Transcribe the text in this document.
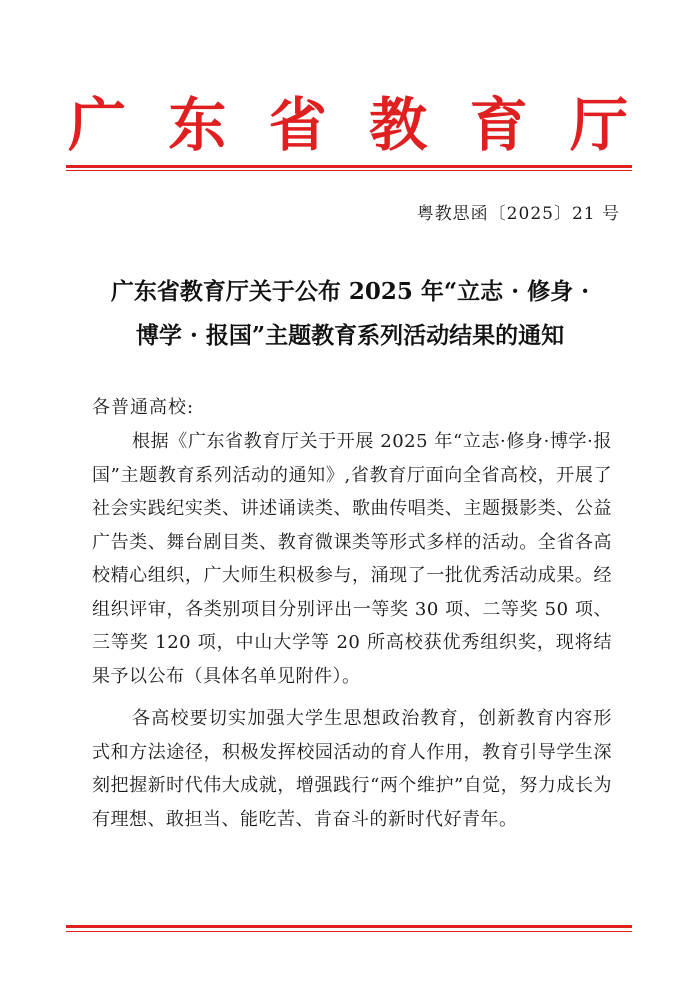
广 东 省 教 育 厅
粤教思函〔2025〕21 号
广东省教育厅关于公布 2025 年“立志 · 修身 ·
博学 · 报国”主题教育系列活动结果的通知
各普通高校:

根据《广东省教育厅关于开展 2025 年“立志·修身·博学·报国”主题教育系列活动的通知》,省教育厅面向全省高校，开展了社会实践纪实类、讲述诵读类、歌曲传唱类、主题摄影类、公益广告类、舞台剧目类、教育微课类等形式多样的活动。全省各高校精心组织，广大师生积极参与，涌现了一批优秀活动成果。经组织评审，各类别项目分别评出一等奖 30 项、二等奖 50 项、三等奖 120 项，中山大学等 20 所高校获优秀组织奖，现将结果予以公布（具体名单见附件）。

各高校要切实加强大学生思想政治教育，创新教育内容形式和方法途径，积极发挥校园活动的育人作用，教育引导学生深刻把握新时代伟大成就，增强践行“两个维护”自觉，努力成长为有理想、敢担当、能吃苦、肯奋斗的新时代好青年。
